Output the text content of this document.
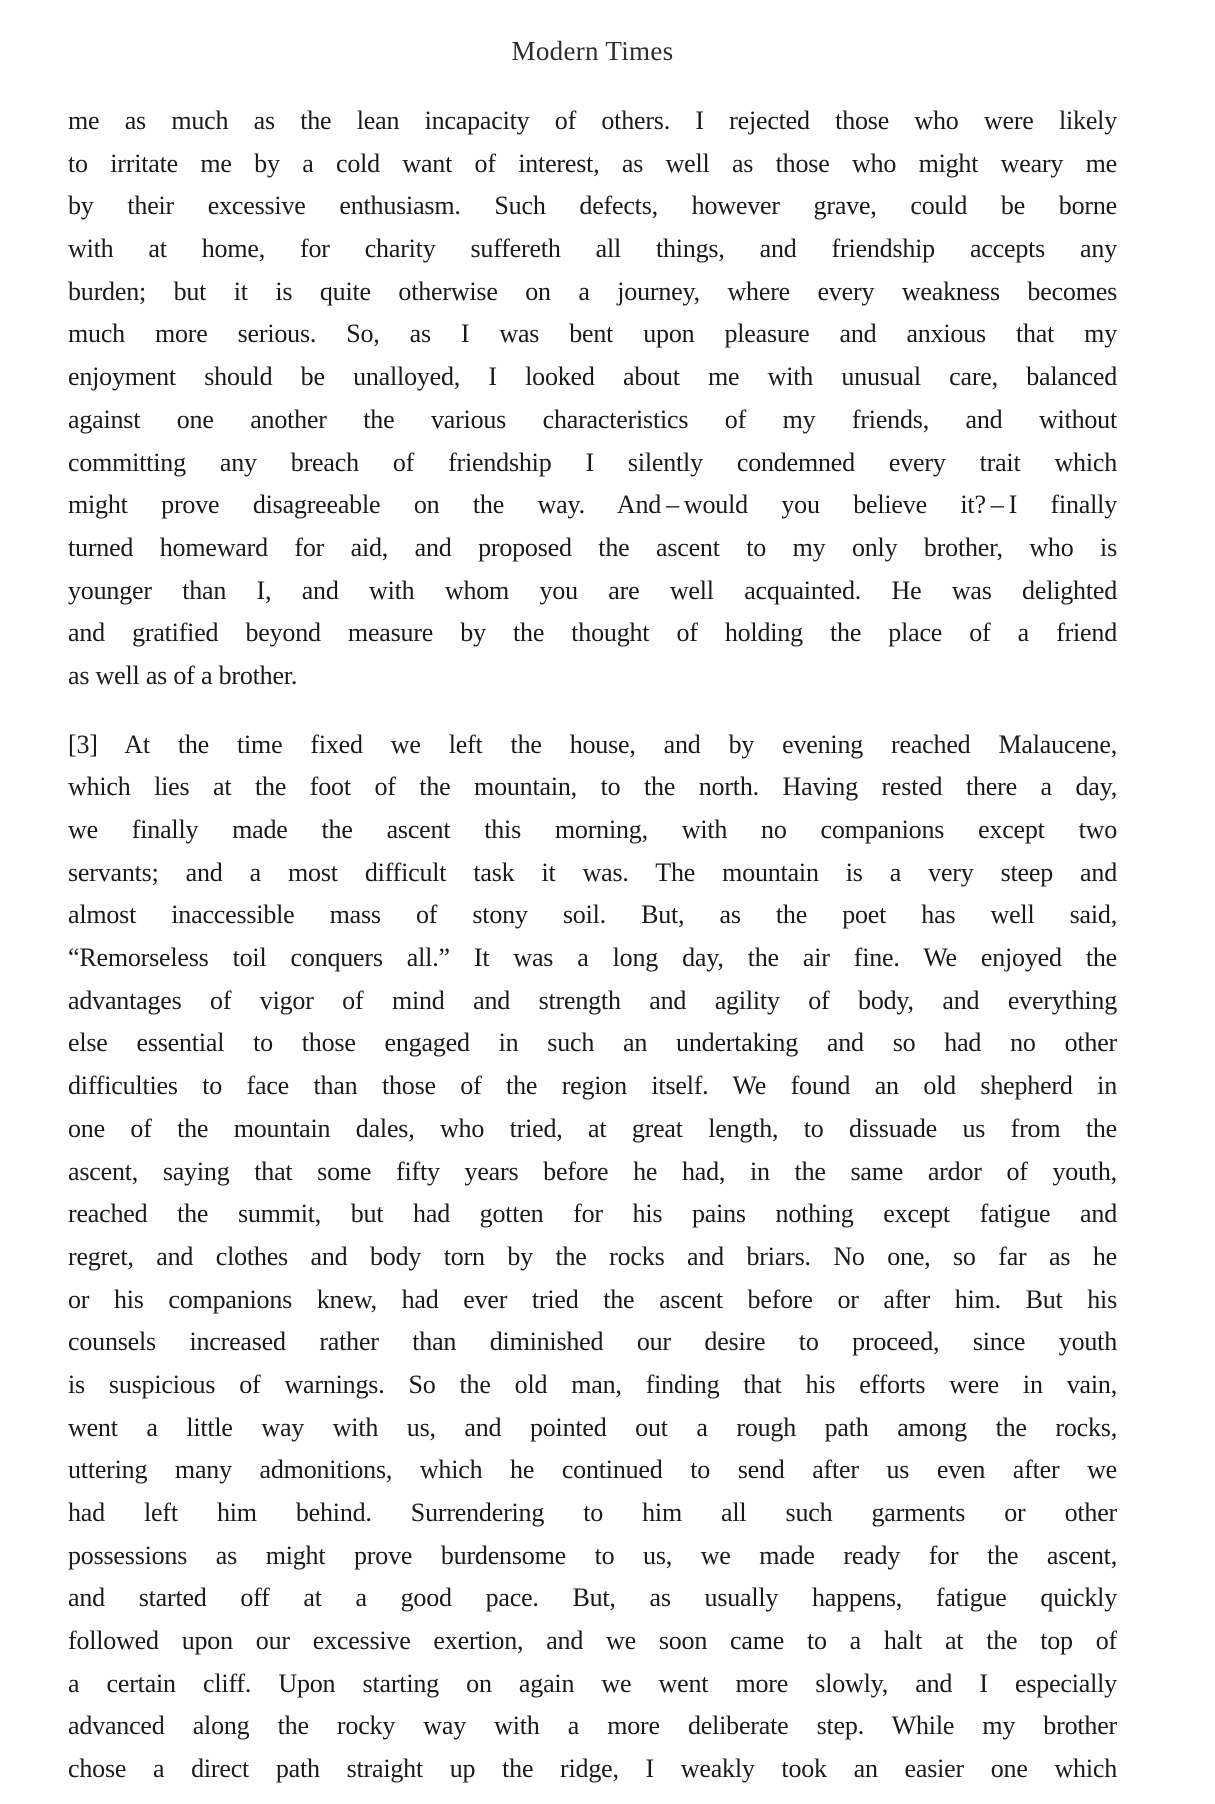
Modern Times
me as much as the lean incapacity of others. I rejected those who were likely
to irritate me by a cold want of interest, as well as those who might weary me
by their excessive enthusiasm. Such defects, however grave, could be borne
with at home, for charity suffereth all things, and friendship accepts any
burden; but it is quite otherwise on a journey, where every weakness becomes
much more serious. So, as I was bent upon pleasure and anxious that my
enjoyment should be unalloyed, I looked about me with unusual care, balanced
against one another the various characteristics of my friends, and without
committing any breach of friendship I silently condemned every trait which
might prove disagreeable on the way. And – would you believe it? – I finally
turned homeward for aid, and proposed the ascent to my only brother, who is
younger than I, and with whom you are well acquainted. He was delighted
and gratified beyond measure by the thought of holding the place of a friend
as well as of a brother.
[3] At the time fixed we left the house, and by evening reached Malaucene,
which lies at the foot of the mountain, to the north. Having rested there a day,
we finally made the ascent this morning, with no companions except two
servants; and a most difficult task it was. The mountain is a very steep and
almost inaccessible mass of stony soil. But, as the poet has well said,
“Remorseless toil conquers all.” It was a long day, the air fine. We enjoyed the
advantages of vigor of mind and strength and agility of body, and everything
else essential to those engaged in such an undertaking and so had no other
difficulties to face than those of the region itself. We found an old shepherd in
one of the mountain dales, who tried, at great length, to dissuade us from the
ascent, saying that some fifty years before he had, in the same ardor of youth,
reached the summit, but had gotten for his pains nothing except fatigue and
regret, and clothes and body torn by the rocks and briars. No one, so far as he
or his companions knew, had ever tried the ascent before or after him. But his
counsels increased rather than diminished our desire to proceed, since youth
is suspicious of warnings. So the old man, finding that his efforts were in vain,
went a little way with us, and pointed out a rough path among the rocks,
uttering many admonitions, which he continued to send after us even after we
had left him behind. Surrendering to him all such garments or other
possessions as might prove burdensome to us, we made ready for the ascent,
and started off at a good pace. But, as usually happens, fatigue quickly
followed upon our excessive exertion, and we soon came to a halt at the top of
a certain cliff. Upon starting on again we went more slowly, and I especially
advanced along the rocky way with a more deliberate step. While my brother
chose a direct path straight up the ridge, I weakly took an easier one which
